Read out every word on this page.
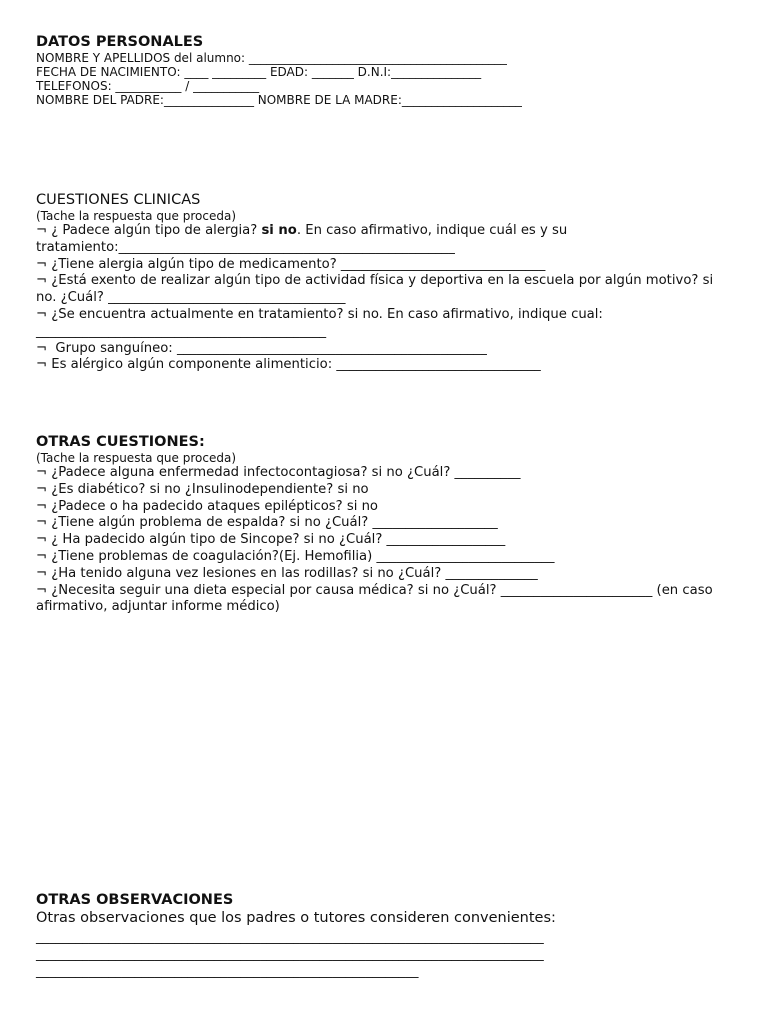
DATOS PERSONALES
NOMBRE Y APELLIDOS del alumno: ___________________________________________
FECHA DE NACIMIENTO: ____ _________ EDAD: _______ D.N.I:_______________
TELEFONOS: ___________ / ___________
NOMBRE DEL PADRE:_______________ NOMBRE DE LA MADRE:____________________
CUESTIONES CLINICAS
(Tache la respuesta que proceda)
¬ ¿ Padece algún tipo de alergia? si no. En caso afirmativo, indique cuál es y su tratamiento:___________________________________________________
¬ ¿Tiene alergia algún tipo de medicamento? _______________________________
¬ ¿Está exento de realizar algún tipo de actividad física y deportiva en la escuela por algún motivo? si no. ¿Cuál? ____________________________________
¬ ¿Se encuentra actualmente en tratamiento? si no. En caso afirmativo, indique cual: ____________________________________________
¬  Grupo sanguíneo: _______________________________________________
¬ Es alérgico algún componente alimenticio: _______________________________
OTRAS CUESTIONES:
(Tache la respuesta que proceda)
¬ ¿Padece alguna enfermedad infectocontagiosa? si no ¿Cuál? __________
¬ ¿Es diabético? si no ¿Insulinodependiente? si no
¬ ¿Padece o ha padecido ataques epilépticos? si no
¬ ¿Tiene algún problema de espalda? si no ¿Cuál? ___________________
¬ ¿ Ha padecido algún tipo de Sincope? si no ¿Cuál? __________________
¬ ¿Tiene problemas de coagulación?(Ej. Hemofilia) ___________________________
¬ ¿Ha tenido alguna vez lesiones en las rodillas? si no ¿Cuál? ______________
¬ ¿Necesita seguir una dieta especial por causa médica? si no ¿Cuál? _______________________ (en caso afirmativo, adjuntar informe médico)
OTRAS OBSERVACIONES
Otras observaciones que los padres o tutores consideren convenientes:
_____________________________________________________________________________
_____________________________________________________________________________
__________________________________________________________
